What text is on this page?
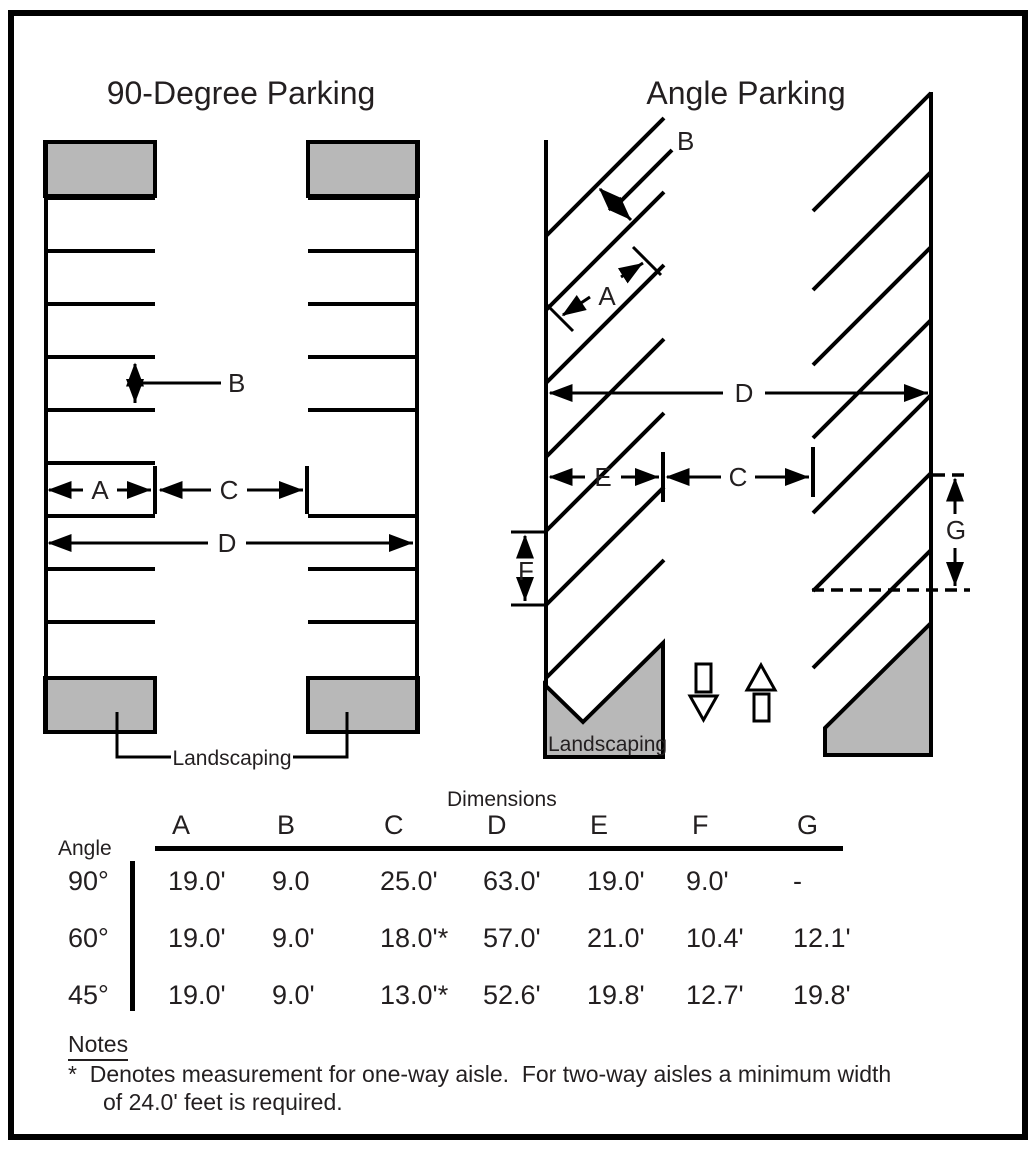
90-Degree Parking
B
A	C
D
Landscaping
Angle Parking
B
A
D
E	C
F
G
Landscaping
Dimensions
A	B	C	D	E	F	G
Angle
90° 19.0' 9.0	25.0' 63.0' 19.0' 9.0' -
60° 19.0' 9.0' 18.0'* 57.0' 21.0' 10.4' 12.1'
45° 19.0' 9.0' 13.0'* 52.6' 19.8' 12.7' 19.8'
Notes
*  Denotes measurement for one-way aisle.  For two-way aisles a minimum width
of 24.0' feet is required.
